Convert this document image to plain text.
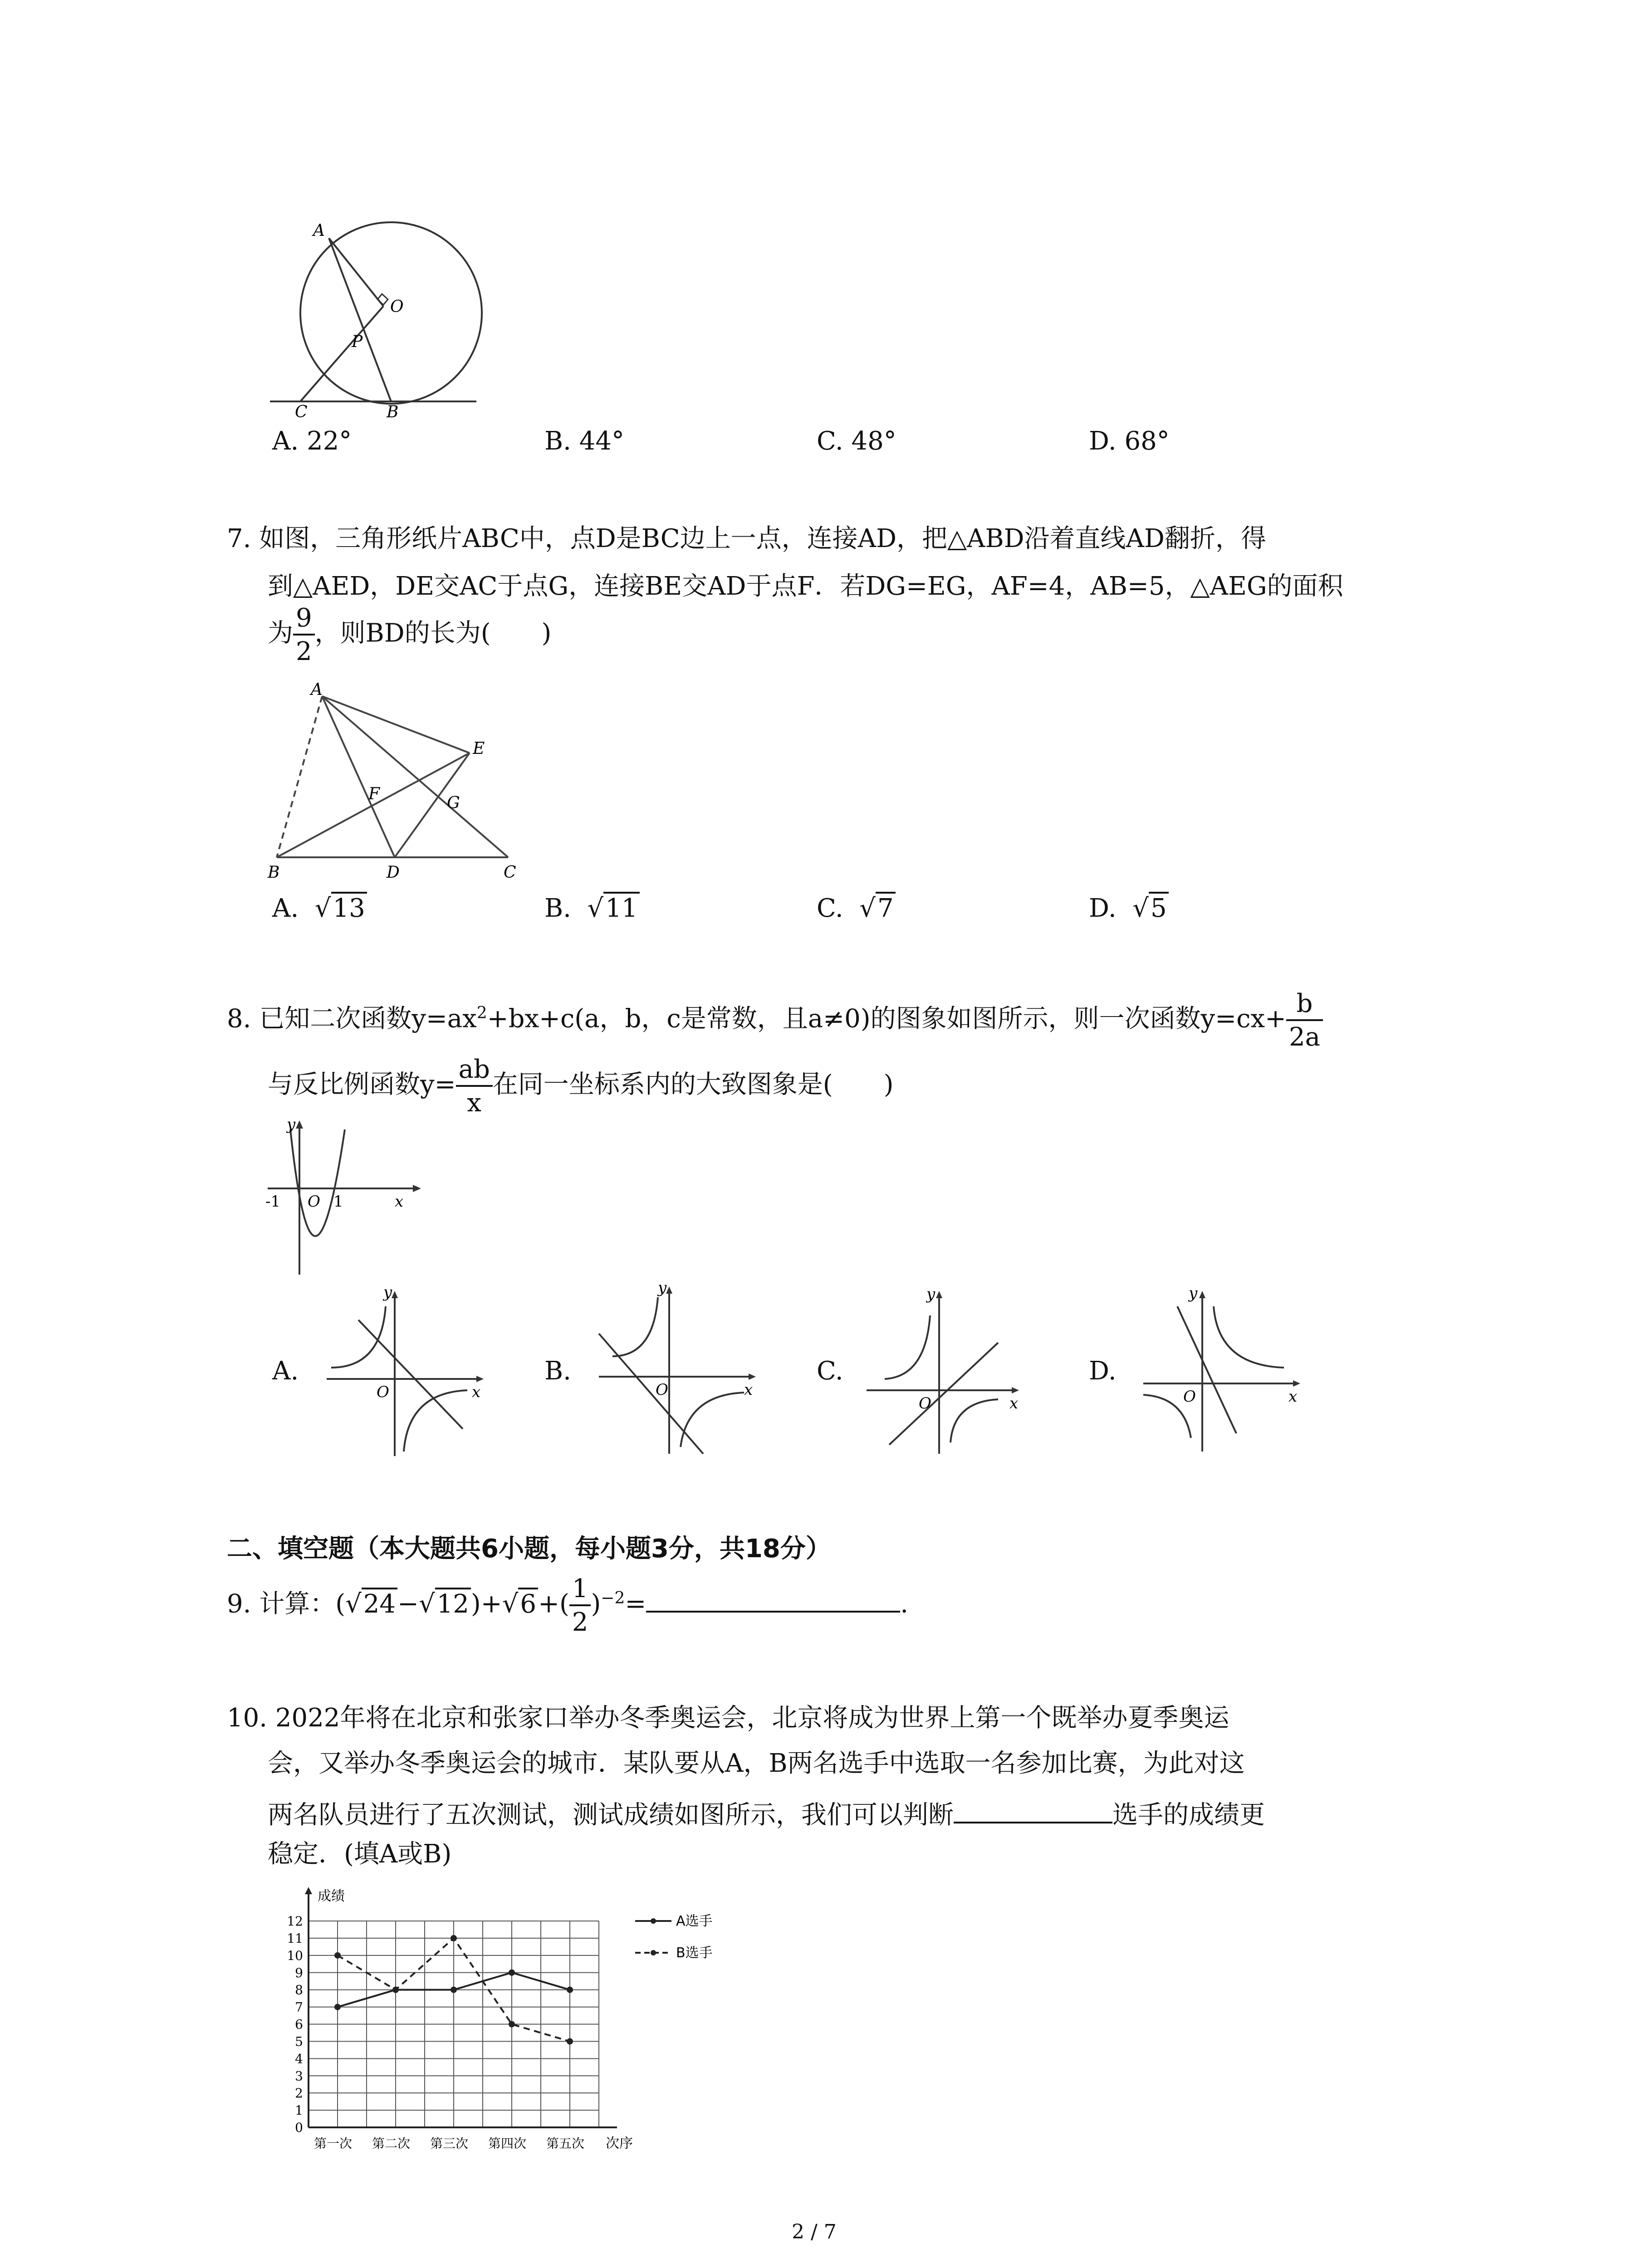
A
O
P
C	B
A. 22°	B. 44°	C. 48°	D. 68°
7. 如图，三角形纸片ABC中，点D是BC边上一点，连接AD，把△ABD沿着直线AD翻折，得
到△AED，DE交AC于点G，连接BE交AD于点F．若DG=EG，AF=4，AB=5，△AEG的面积
为 $\frac{9}{2}$ ，则BD的长为(　　)
A
E
F	G
B	D	C
A.  √13	B.  √11	C.  √7	D.  √5
8. 已知二次函数$y=ax^2+bx+c(a$，b，c是常数，且a≠0)的图象如图所示，则一次函数$y=cx+ \frac{b}{2a}$
与反比例函数$y= \frac{ab}{x}$ 在同一坐标系内的大致图象是(　　)
y
-1 O 1	x
A.
y
O	x
B.
y
O	x
C.
y
O	x
D.
y
O	x
二、填空题（本大题共6小题，每小题3分，共18分）
9. 计算：$(√24-√12)+√6+( \frac{1}{2} )^{-2}=$	.
10. 2022年将在北京和张家口举办冬季奥运会，北京将成为世界上第一个既举办夏季奥运
会，又举办冬季奥运会的城市．某队要从A，B两名选手中选取一名参加比赛，为此对这
两名队员进行了五次测试，测试成绩如图所示，我们可以判断	选手的成绩更
稳定．(填A或B)
成绩
次序
0
1
2
3
4
5
6
7
8
9
10
11
12
第一次 第二次 第三次 第四次 第五次
A选手
B选手
2 / 7
